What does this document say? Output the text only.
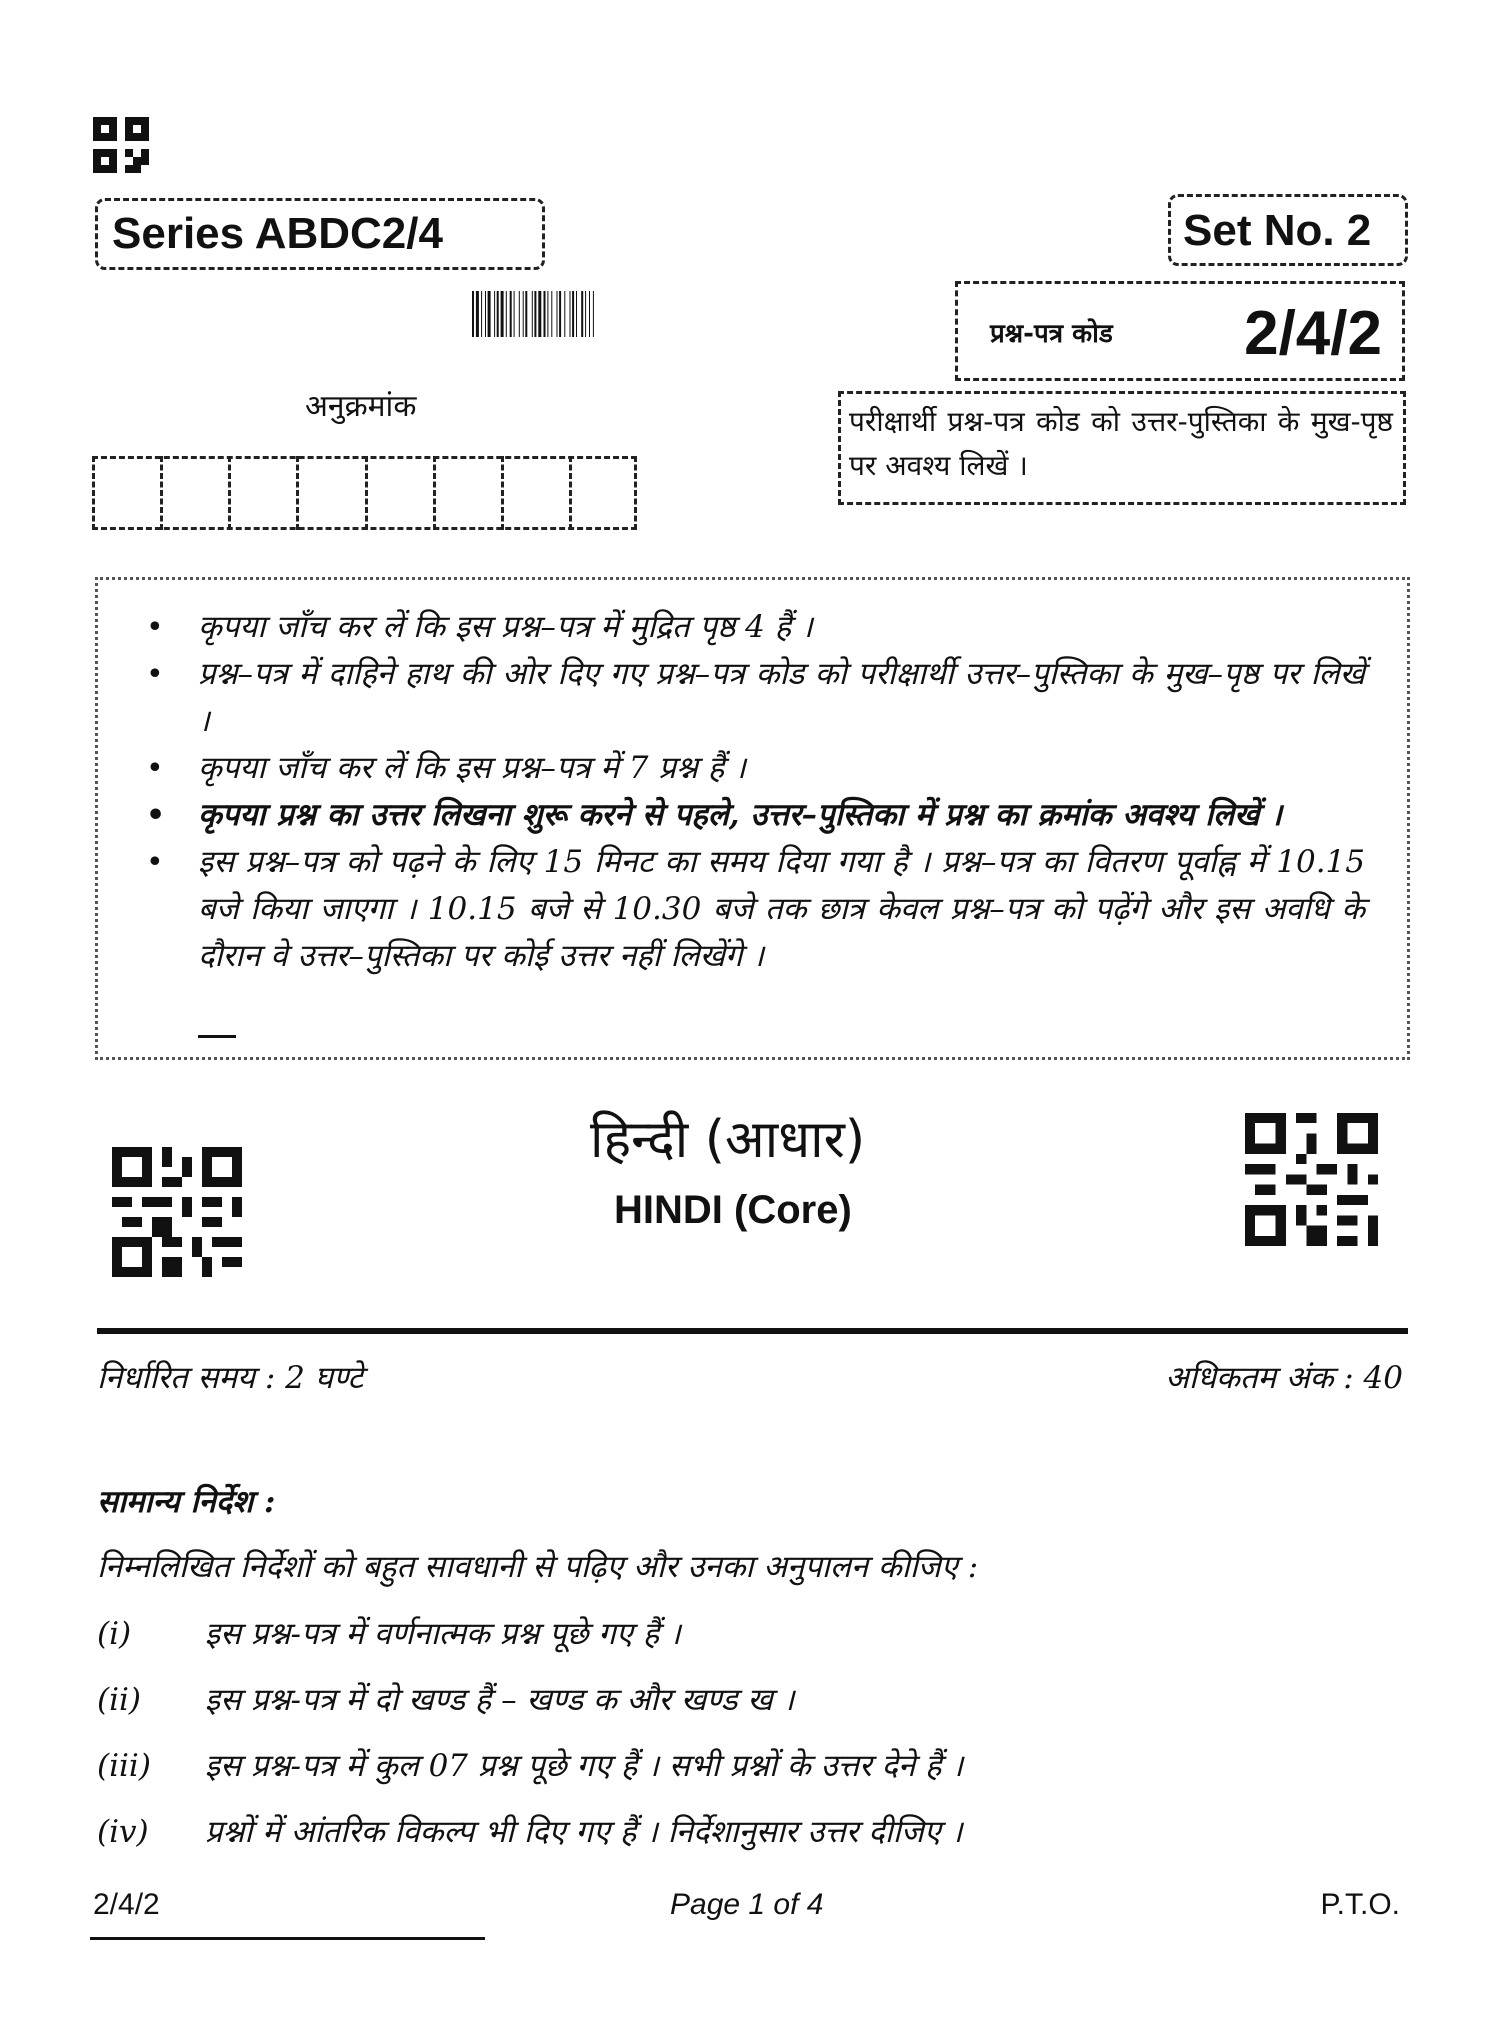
Series ABDC2/4	Set No. 2
प्रश्न-पत्र कोड 2/4/2
परीक्षार्थी प्रश्न-पत्र कोड को उत्तर-पुस्तिका के मुख-पृष्ठ पर अवश्य लिखें ।
अनुक्रमांक
• कृपया जाँच कर लें कि इस प्रश्न–पत्र में मुद्रित पृष्ठ 4 हैं ।
• प्रश्न–पत्र में दाहिने हाथ की ओर दिए गए प्रश्न–पत्र कोड को परीक्षार्थी उत्तर–पुस्तिका के मुख–पृष्ठ पर लिखें ।
• कृपया जाँच कर लें कि इस प्रश्न–पत्र में 7 प्रश्न हैं ।
• कृपया प्रश्न का उत्तर लिखना शुरू करने से पहले, उत्तर–पुस्तिका में प्रश्न का क्रमांक अवश्य लिखें ।
• इस प्रश्न–पत्र को पढ़ने के लिए 15 मिनट का समय दिया गया है । प्रश्न–पत्र का वितरण पूर्वाह्न में 10.15 बजे किया जाएगा । 10.15 बजे से 10.30 बजे तक छात्र केवल प्रश्न–पत्र को पढ़ेंगे और इस अवधि के दौरान वे उत्तर–पुस्तिका पर कोई उत्तर नहीं लिखेंगे ।
हिन्दी (आधार)
HINDI (Core)
निर्धारित समय : 2 घण्टे	अधिकतम अंक : 40
सामान्य निर्देश :
निम्नलिखित निर्देशों को बहुत सावधानी से पढ़िए और उनका अनुपालन कीजिए :
(i) इस प्रश्न-पत्र में वर्णनात्मक प्रश्न पूछे गए हैं ।
(ii) इस प्रश्न-पत्र में दो खण्ड हैं – खण्ड क और खण्ड ख ।
(iii) इस प्रश्न-पत्र में कुल 07 प्रश्न पूछे गए हैं । सभी प्रश्नों के उत्तर देने हैं ।
(iv) प्रश्नों में आंतरिक विकल्प भी दिए गए हैं । निर्देशानुसार उत्तर दीजिए ।
2/4/2	Page 1 of 4	P.T.O.
